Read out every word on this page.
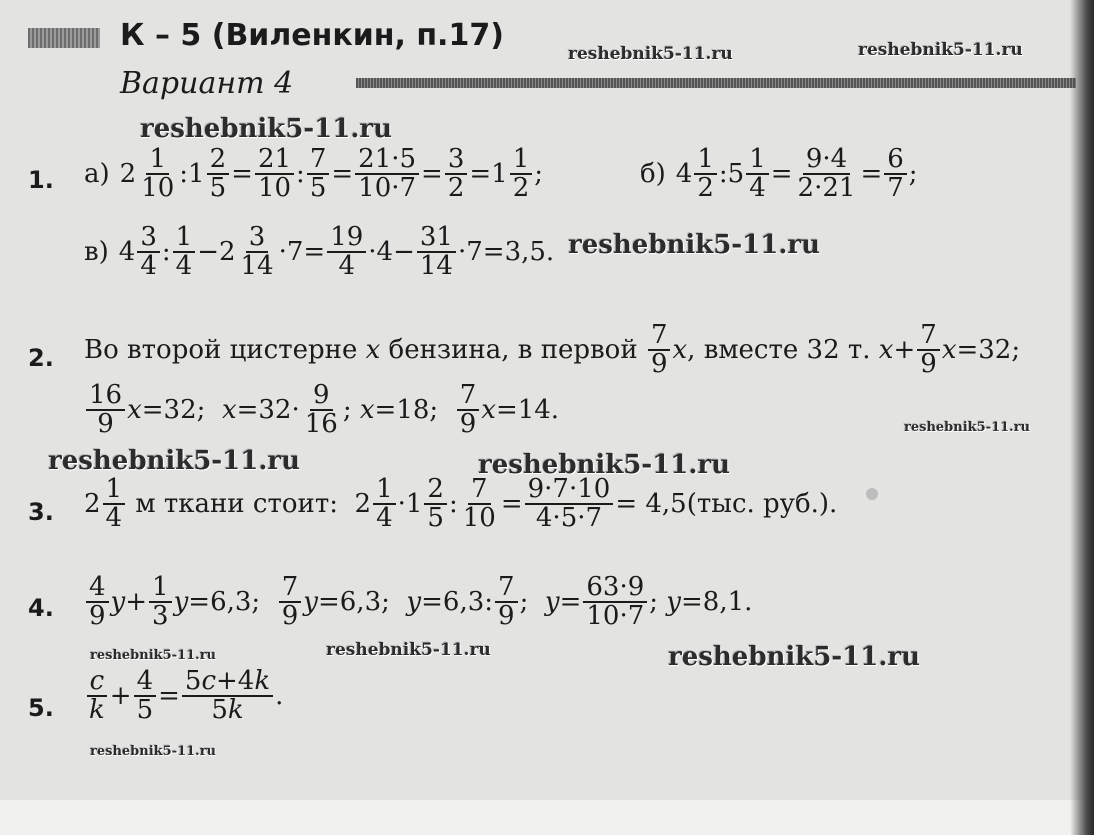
К – 5 (Виленкин, п.17)
Вариант 4
reshebnik5-11.ru	reshebnik5-11.ru
reshebnik5-11.ru
reshebnik5-11.ru
reshebnik5-11.ru
reshebnik5-11.ru	reshebnik5-11.ru
reshebnik5-11.ru	reshebnik5-11.ru	reshebnik5-11.ru
reshebnik5-11.ru
1. а) $2 \frac{1}{10}$ :1 $\frac{2}{5} = \frac{21}{10}$ : $\frac{7}{5} = \frac{21\cdot 5}{10\cdot 7} = \frac{3}{2} =1 \frac{1}{2}$ ;	б) $4 \frac{1}{2}$ :5 $\frac{1}{4} = \frac{9\cdot 4}{2\cdot 21} = \frac{6}{7}$ ;
в) $4 \frac{3}{4}$ : $\frac{1}{4} -2 \frac{3}{14} \cdot 7= \frac{19}{4} \cdot 4- \frac{31}{14} \cdot 7=3,5$.
2. Во второй цистерне
x
бензина, в первой
$\frac{7}{9}$ x , вместе 32 т.
$x + \frac{7}{9}$ x =32;
$\frac{16}{9}$ x =32; $x =32\cdot \frac{9}{16}$ ; x =18; $\frac{7}{9}$ x =14.
3. $2 \frac{1}{4}$
м ткани стоит: $2 \frac{1}{4} \cdot 1 \frac{2}{5}$ : $\frac{7}{10} = \frac{9\cdot 7\cdot 10}{4\cdot 5\cdot 7} = 4,5(тыс$. руб.).
4. $\frac{4}{9}$ $y + \frac{1}{3}$ y =6,3; $\frac{7}{9}$ y =6,3; y =6,3: $\frac{7}{9}$ ; $y = \frac{63\cdot 9}{10\cdot 7}$ ; y =8,1.
5. $\frac{c}{k} + \frac{4}{5} = \frac{5c+4k}{5k}$ .
